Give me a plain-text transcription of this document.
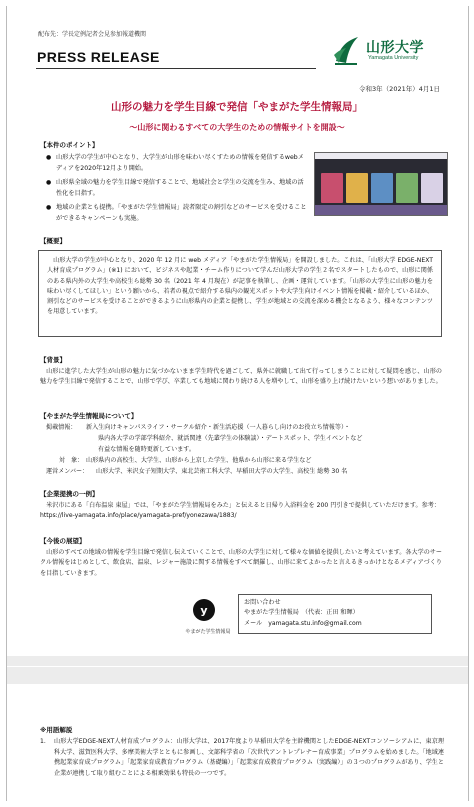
配布先：学長定例記者会見参加報道機関
PRESS RELEASE
山形大学
Yamagata University
令和3年（2021年）4月1日
山形の魅力を学生目線で発信「やまがた学生情報局」
～山形に関わるすべての大学生のための情報サイトを開設～
【本件のポイント】
● 山形大学の学生が中心となり、大学生が山形を味わい尽くすための情報を発信するwebメディアを2020年12月より開始。
● 山形県全域の魅力を学生目線で発信することで、地域社会と学生の交流を生み、地域の活性化を目指す。
● 地域の企業とも提携。「やまがた学生情報局」読者限定の割引などのサービスを受けることができるキャンペーンも実施。
【概要】

山形大学の学生が中心となり、2020 年 12 月に web メディア「やまがた学生情報局」を開設しました。これは、「山形大学 EDGE-NEXT 人材育成プログラム」(※1) において、ビジネスや起業・チーム作りについて学んだ山形大学の学生２名でスタートしたもので、山形に関係のある県内外の大学生や高校生ら総勢 30 名（2021 年 4 月現在）が記事を執筆し、企画・運営しています。「山形の大学生に山形の魅力を味わい尽くしてほしい」という願いから、若者の視点で紹介する県内の観光スポットや大学生向けイベント情報を掲載・紹介しているほか、割引などのサービスを受けることができるように山形県内の企業と提携し、学生が地域との交流を深める機会となるよう、様々なコンテンツを用意しています。

【背景】
山形に進学した大学生が山形の魅力に気づかないまま学生時代を過ごして、県外に就職して出て行ってしまうことに対して疑問を感じ、山形の魅力を学生目線で発信することで、山形で学び、卒業しても地域に関わり続ける人を増やして、山形を盛り上げ続けたいという想いがありました。
【やまがた学生情報局について】
掲載情報： 新入生向けキャンパスライフ・サークル紹介・新生活応援（一人暮らし向けのお役立ち情報等）・
県内各大学の学部学科紹介、就活関連（先輩学生の体験談）・デートスポット、学生イベントなど
有益な情報を随時更新しています。
対　象： 山形県内の高校生、大学生、山形から上京した学生、他県から山形に来る学生など
運営メンバー： 山形大学、米沢女子短期大学、東北芸術工科大学、早稲田大学の大学生、高校生 総勢 30 名
【企業提携の一例】
米沢市にある「白布温泉 東屋」では、「やまがた学生情報局をみた」と伝えると日帰り入浴料金を 200 円引きで提供していただけます。参考：https://live-yamagata.info/place/yamagata-pref/yonezawa/1883/
【今後の展望】
山形のすべての地域の情報を学生目線で発信し伝えていくことで、山形の大学生に対して様々な価値を提供したいと考えています。各大学のサークル情報をはじめとして、飲食店、温泉、レジャー施設に関する情報をすべて網羅し、山形に来てよかったと言えるきっかけとなるメディアづくりを目指していきます。
y
やまがた学生情報局
お問い合わせ
やまがた学生情報局　（代表：正田 和暉）
メール　yamagata.stu.info@gmail.com
※用語解説
1. 山形大学EDGE-NEXT人材育成プログラム：山形大学は、2017年度より早稲田大学を主幹機関としたEDGE-NEXTコンソーシアムに、東京理科大学、滋賀医科大学、多摩美術大学とともに参画し、文部科学省の「次世代アントレプレナー育成事業」プログラムを始めました。「地域連携起業家育成プログラム」「起業家育成教育プログラム（基礎編）」「起業家育成教育プログラム（実践編）」の３つのプログラムがあり、学生と企業が連携して取り組むことによる相乗効果も特長の一つです。
